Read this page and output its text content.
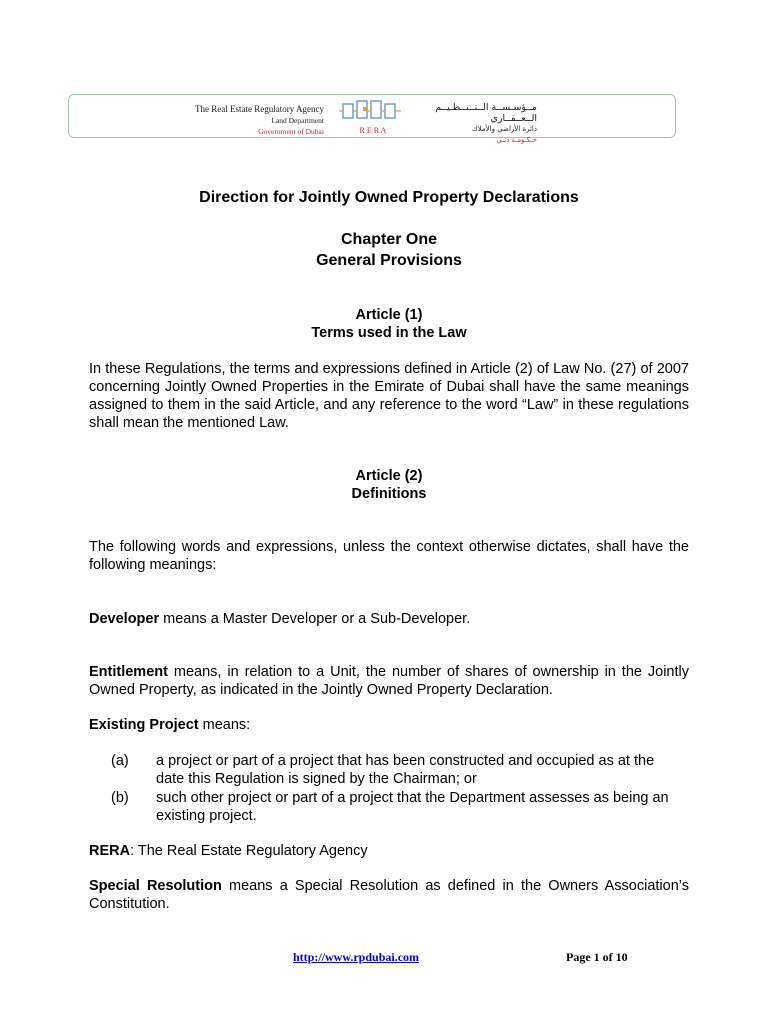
The Real Estate Regulatory Agency
Land Department
Government of Dubai	R E R A
مــؤسـســة الــتــنــظـيــم الــعــقــاري
دائرة الأراضي والأملاك
حـكـومـة دبـي
Direction for Jointly Owned Property Declarations
Chapter One
General Provisions
Article (1)
Terms used in the Law
In these Regulations, the terms and expressions defined in Article (2) of Law No. (27) of 2007 concerning Jointly Owned Properties in the Emirate of Dubai shall have the same meanings assigned to them in the said Article, and any reference to the word “Law” in these regulations shall mean the mentioned Law.
Article (2)
Definitions
The following words and expressions, unless the context otherwise dictates, shall have the following meanings:
Developer means a Master Developer or a Sub-Developer.
Entitlement means, in relation to a Unit, the number of shares of ownership in the Jointly Owned Property, as indicated in the Jointly Owned Property Declaration.
Existing Project means:
(a) a project or part of a project that has been constructed and occupied as at the date this Regulation is signed by the Chairman; or
(b) such other project or part of a project that the Department assesses as being an existing project.
RERA: The Real Estate Regulatory Agency
Special Resolution means a Special Resolution as defined in the Owners Association’s Constitution.
http://www.rpdubai.com	Page 1 of 10
